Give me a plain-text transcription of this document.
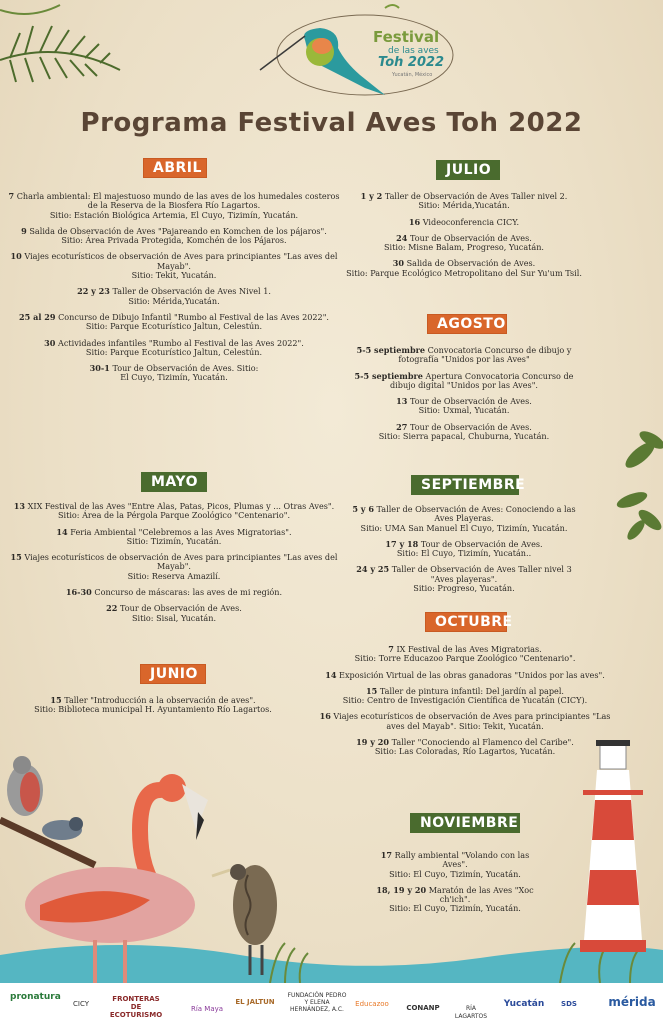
Festival
de las aves
Toh 2022
Yucatán, México
Programa Festival Aves Toh 2022
ABRIL
MAYO
JUNIO
JULIO
AGOSTO
SEPTIEMBRE
OCTUBRE
NOVIEMBRE
7 Charla ambiental: El majestuoso mundo de las aves de los humedales costeros de la Reserva de la Biosfera Río Lagartos.
Sitio: Estación Biológica Artemia, El Cuyo, Tizimín, Yucatán.
9 Salida de Observación de Aves "Pajareando en Komchen de los pájaros".
Sitio: Área Privada Protegida, Komchén de los Pájaros.
10 Viajes ecoturísticos de observación de Aves para principiantes "Las aves del Mayab".
Sitio: Tekit, Yucatán.
22 y 23 Taller de Observación de Aves Nivel 1.
Sitio: Mérida,Yucatán.
25 al 29 Concurso de Dibujo Infantil "Rumbo al Festival de las Aves 2022".
Sitio: Parque Ecoturístico Jaltun, Celestún.
30 Actividades infantiles "Rumbo al Festival de las Aves 2022".
Sitio: Parque Ecoturístico Jaltun, Celestún.
30-1 Tour de Observación de Aves. Sitio:
El Cuyo, Tizimín, Yucatán.
13 XIX Festival de las Aves "Entre Alas, Patas, Picos, Plumas y ... Otras Aves".
Sitio: Área de la Pérgola Parque Zoológico "Centenario".
14 Feria Ambiental "Celebremos a las Aves Migratorias".
Sitio: Tizimín, Yucatán.
15 Viajes ecoturísticos de observación de Aves para principiantes "Las aves del Mayab".
Sitio: Reserva Amazilí.
16-30 Concurso de máscaras: las aves de mi región.
22 Tour de Observación de Aves.
Sitio: Sisal, Yucatán.
15 Taller "Introducción a la observación de aves".
Sitio: Biblioteca municipal H. Ayuntamiento Río Lagartos.
1 y 2 Taller de Observación de Aves Taller nivel 2.
Sitio: Mérida,Yucatán.
16 Videoconferencia CICY.
24 Tour de Observación de Aves.
Sitio: Misne Balam, Progreso, Yucatán.
30 Salida de Observación de Aves.
Sitio: Parque Ecológico Metropolitano del Sur Yu'um Tsil.
5-5 septiembre Convocatoria Concurso de dibujo y fotografía "Unidos por las Aves"
5-5 septiembre Apertura Convocatoria Concurso de dibujo digital "Unidos por las Aves".
13 Tour de Observación de Aves.
Sitio: Uxmal, Yucatán.
27 Tour de Observación de Aves.
Sitio: Sierra papacal, Chuburna, Yucatán.
5 y 6 Taller de Observación de Aves: Conociendo a las Aves Playeras.
Sitio: UMA San Manuel El Cuyo, Tizimín, Yucatán.
17 y 18 Tour de Observación de Aves.
Sitio: El Cuyo, Tizimín, Yucatán..
24 y 25 Taller de Observación de Aves Taller nivel 3 "Aves playeras".
Sitio: Progreso, Yucatán.
7 IX Festival de las Aves Migratorias.
Sitio: Torre Educazoo Parque Zoológico "Centenario".
14 Exposición Virtual de las obras ganadoras "Unidos por las aves".
15 Taller de pintura infantil: Del jardín al papel.
Sitio: Centro de Investigación Científica de Yucatán (CICY).
16 Viajes ecoturísticos de observación de Aves para principiantes "Las aves del Mayab". Sitio: Tekit, Yucatán.
19 y 20 Taller "Conociendo al Flamenco del Caribe".
Sitio: Las Coloradas, Río Lagartos, Yucatán.
17 Rally ambiental "Volando con las Aves".
Sitio: El Cuyo, Tizimín, Yucatán.
18, 19 y 20 Maratón de las Aves "Xoc ch'ich".
Sitio: El Cuyo, Tizimín, Yucatán.
pronatura
CICY
FRONTERAS DE ECOTURISMO
Ría Maya
EL JALTUN
FUNDACIÓN PEDRO Y ELENA HERNÁNDEZ, A.C.
Educazoo	CONANP	RÍA LAGARTOS
Yucatán	SDS	mérida
